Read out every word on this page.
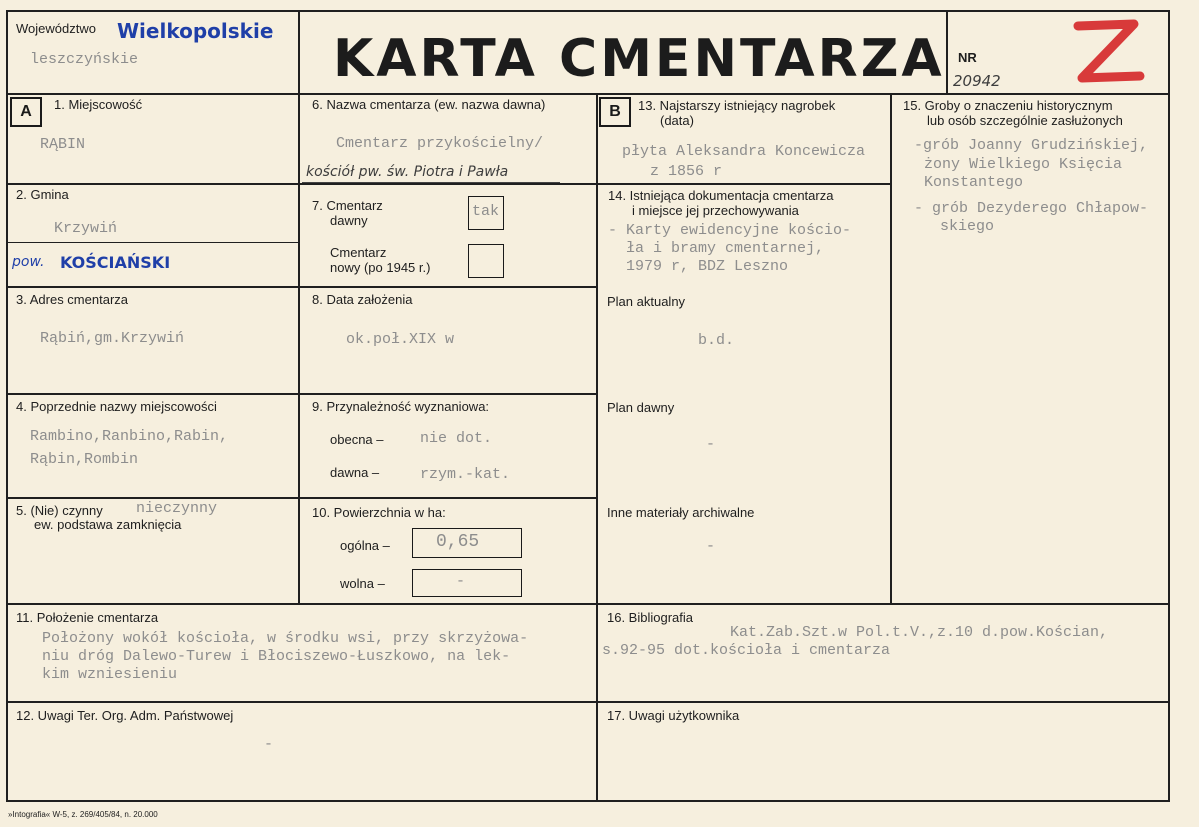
Województwo Wielkopolskie
leszczyńskie	KARTA CMENTARZA NR
20942
A	B
1. Miejscowość
RĄBIN
2. Gmina
Krzywiń
pow. KOŚCIAŃSKI
3. Adres cmentarza
Rąbiń,gm.Krzywiń
4. Poprzednie nazwy miejscowości
Rambino,Ranbino,Rabin,
Rąbin,Rombin
5. (Nie) czynny nieczynny
ew. podstawa zamknięcia
6. Nazwa cmentarza (ew. nazwa dawna)
Cmentarz przykościelny/
kościół pw. św. Piotra i Pawła
7. Cmentarz
dawny
tak
Cmentarz
nowy (po 1945 r.)
8. Data założenia
ok.poł.XIX w
9. Przynależność wyznaniowa:
obecna – nie dot.
dawna –	rzym.-kat.
10. Powierzchnia w ha:
ogólna –	0,65
wolna –	-
13. Najstarszy istniejący nagrobek
(data)
płyta Aleksandra Koncewicza
z 1856 r
14. Istniejąca dokumentacja cmentarza
i miejsce jej przechowywania
- Karty ewidencyjne kościo-
ła i bramy cmentarnej,
1979 r, BDZ Leszno
Plan aktualny
b.d.
Plan dawny
-
Inne materiały archiwalne
-
15. Groby o znaczeniu historycznym
lub osób szczególnie zasłużonych
-grób Joanny Grudzińskiej,
żony Wielkiego Księcia
Konstantego
- grób Dezyderego Chłapow-
skiego
11. Położenie cmentarza
Położony wokół kościoła, w środku wsi, przy skrzyżowa-
niu dróg Dalewo-Turew i Błociszewo-Łuszkowo, na lek-
kim wzniesieniu
16. Bibliografia
Kat.Zab.Szt.w Pol.t.V.,z.10 d.pow.Kościan,
s.92-95 dot.kościoła i cmentarza
12. Uwagi Ter. Org. Adm. Państwowej
-
17. Uwagi użytkownika
»Intografia« W-5, z. 269/405/84, n. 20.000
